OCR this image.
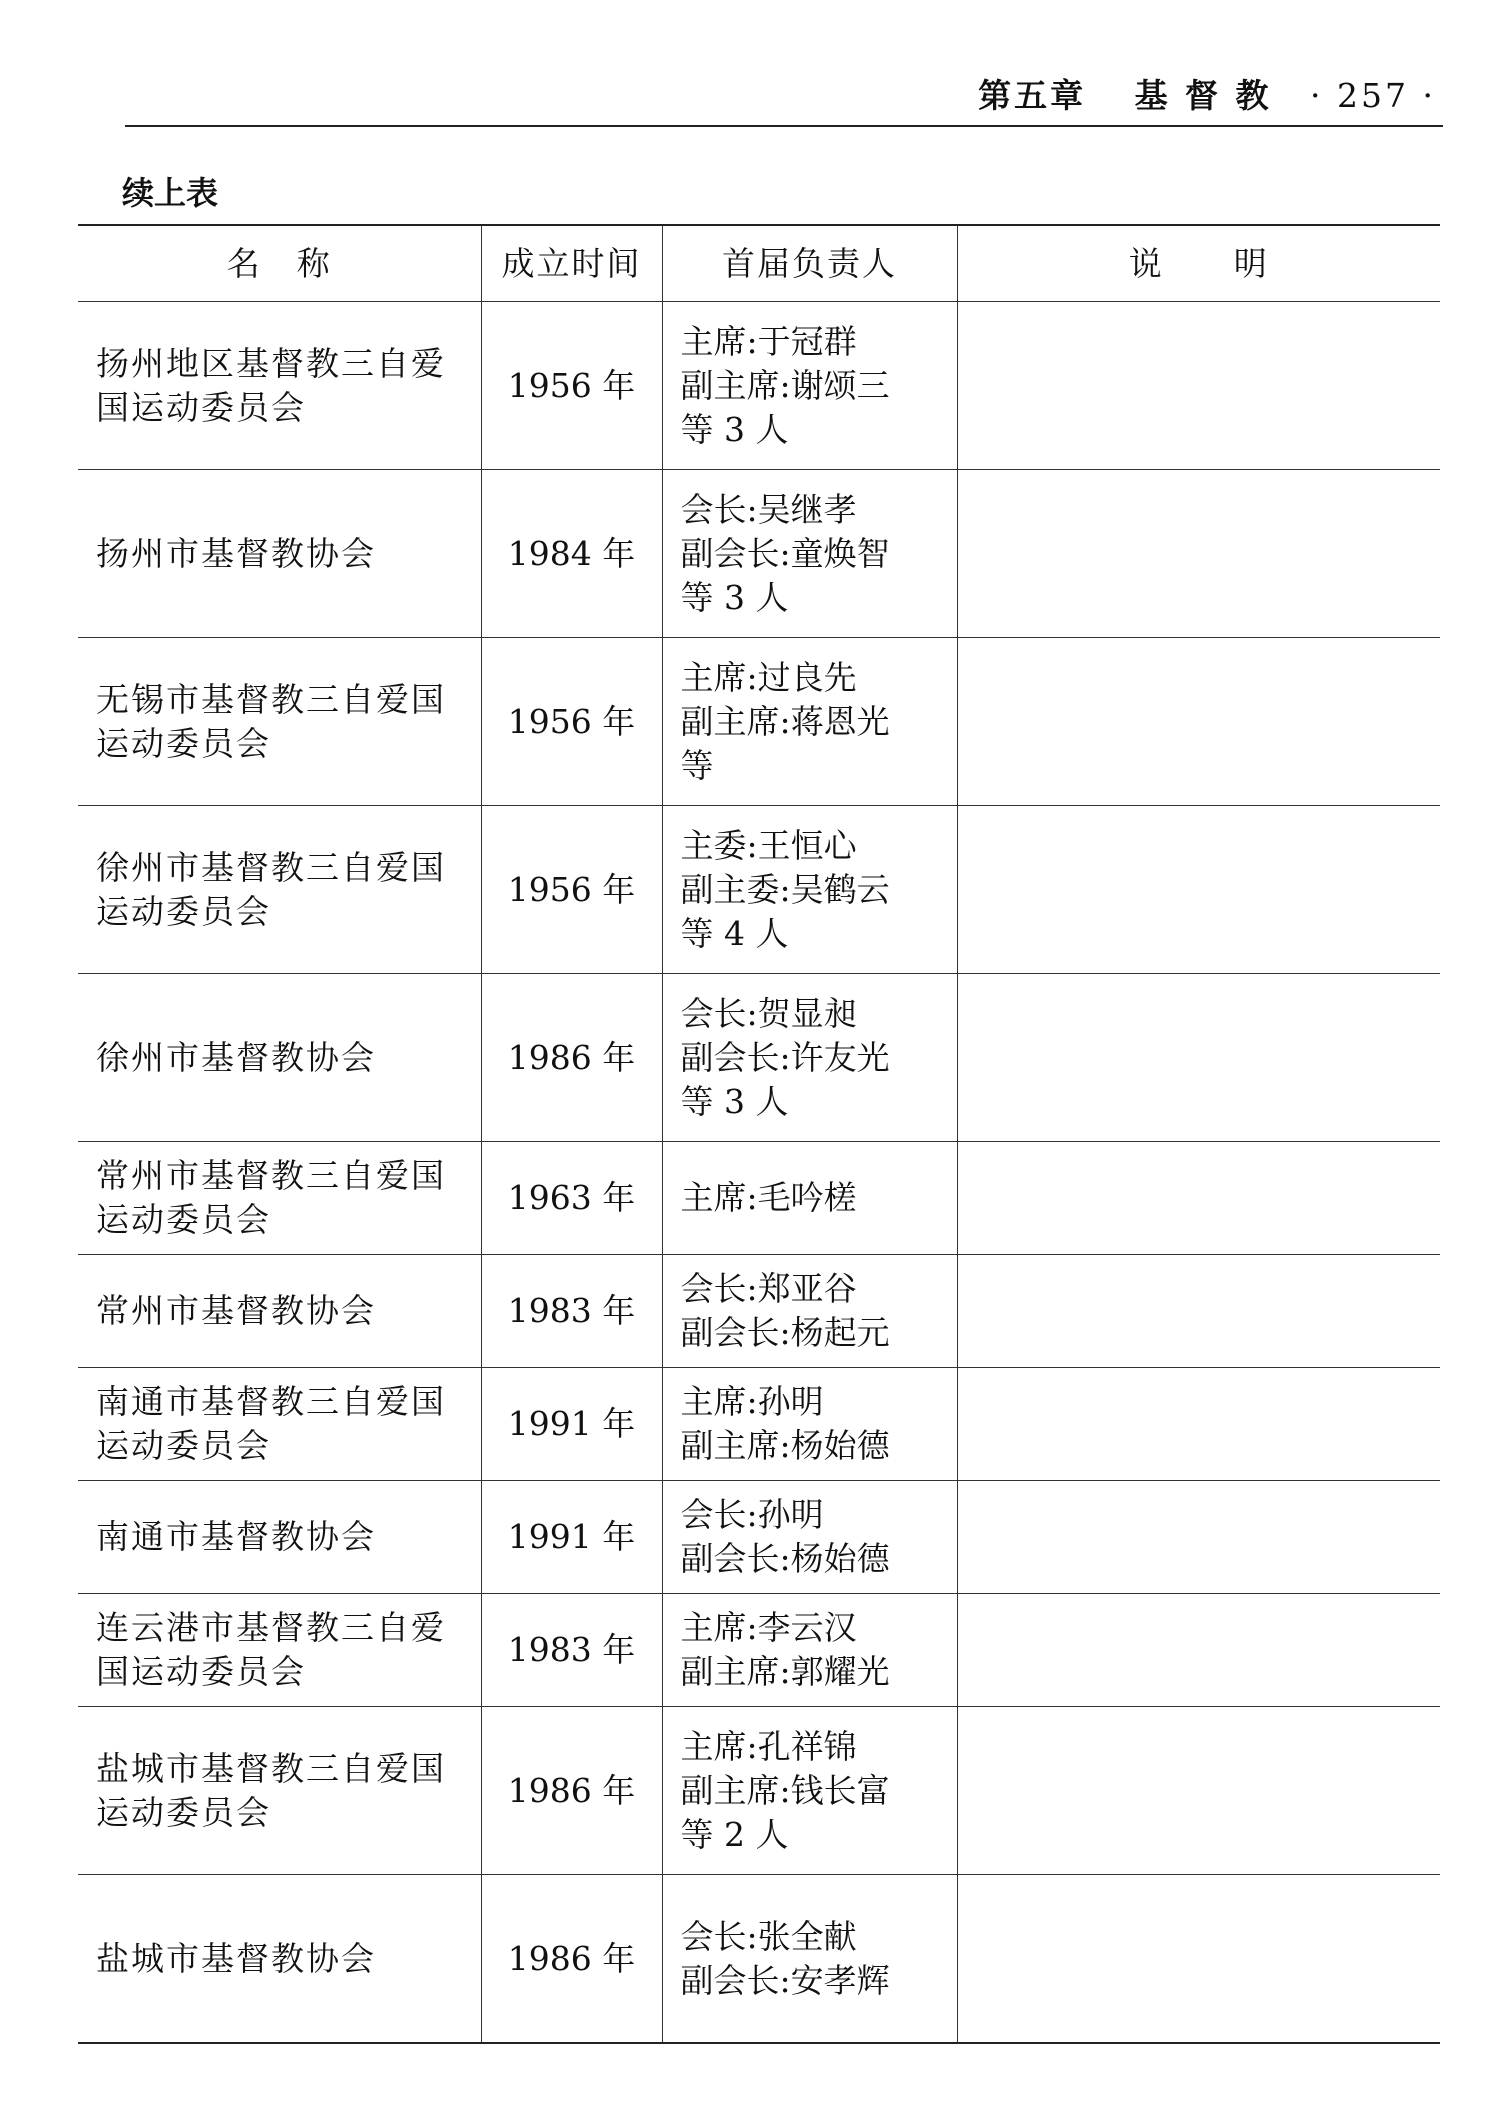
第五章 基 督 教 · 257 ·
续上表
名　称	成立时间	首届负责人	说　　明
扬州地区基督教三自爱国运动委员会	1956 年	主席:于冠群
副主席:谢颂三
等 3 人	

扬州市基督教协会	1984 年	会长:吴继孝
副会长:童焕智
等 3 人	

无锡市基督教三自爱国运动委员会	1956 年	主席:过良先
副主席:蒋恩光
等	

徐州市基督教三自爱国运动委员会	1956 年	主委:王恒心
副主委:吴鹤云
等 4 人	

徐州市基督教协会	1986 年	会长:贺显昶
副会长:许友光
等 3 人	

常州市基督教三自爱国运动委员会	1963 年	主席:毛吟槎	

常州市基督教协会	1983 年	会长:郑亚谷
副会长:杨起元	

南通市基督教三自爱国运动委员会	1991 年	主席:孙明
副主席:杨始德	

南通市基督教协会	1991 年	会长:孙明
副会长:杨始德	

连云港市基督教三自爱国运动委员会	1983 年	主席:李云汉
副主席:郭耀光	

盐城市基督教三自爱国运动委员会	1986 年	主席:孔祥锦
副主席:钱长富
等 2 人	

盐城市基督教协会	1986 年	会长:张全献
副会长:安孝辉	
